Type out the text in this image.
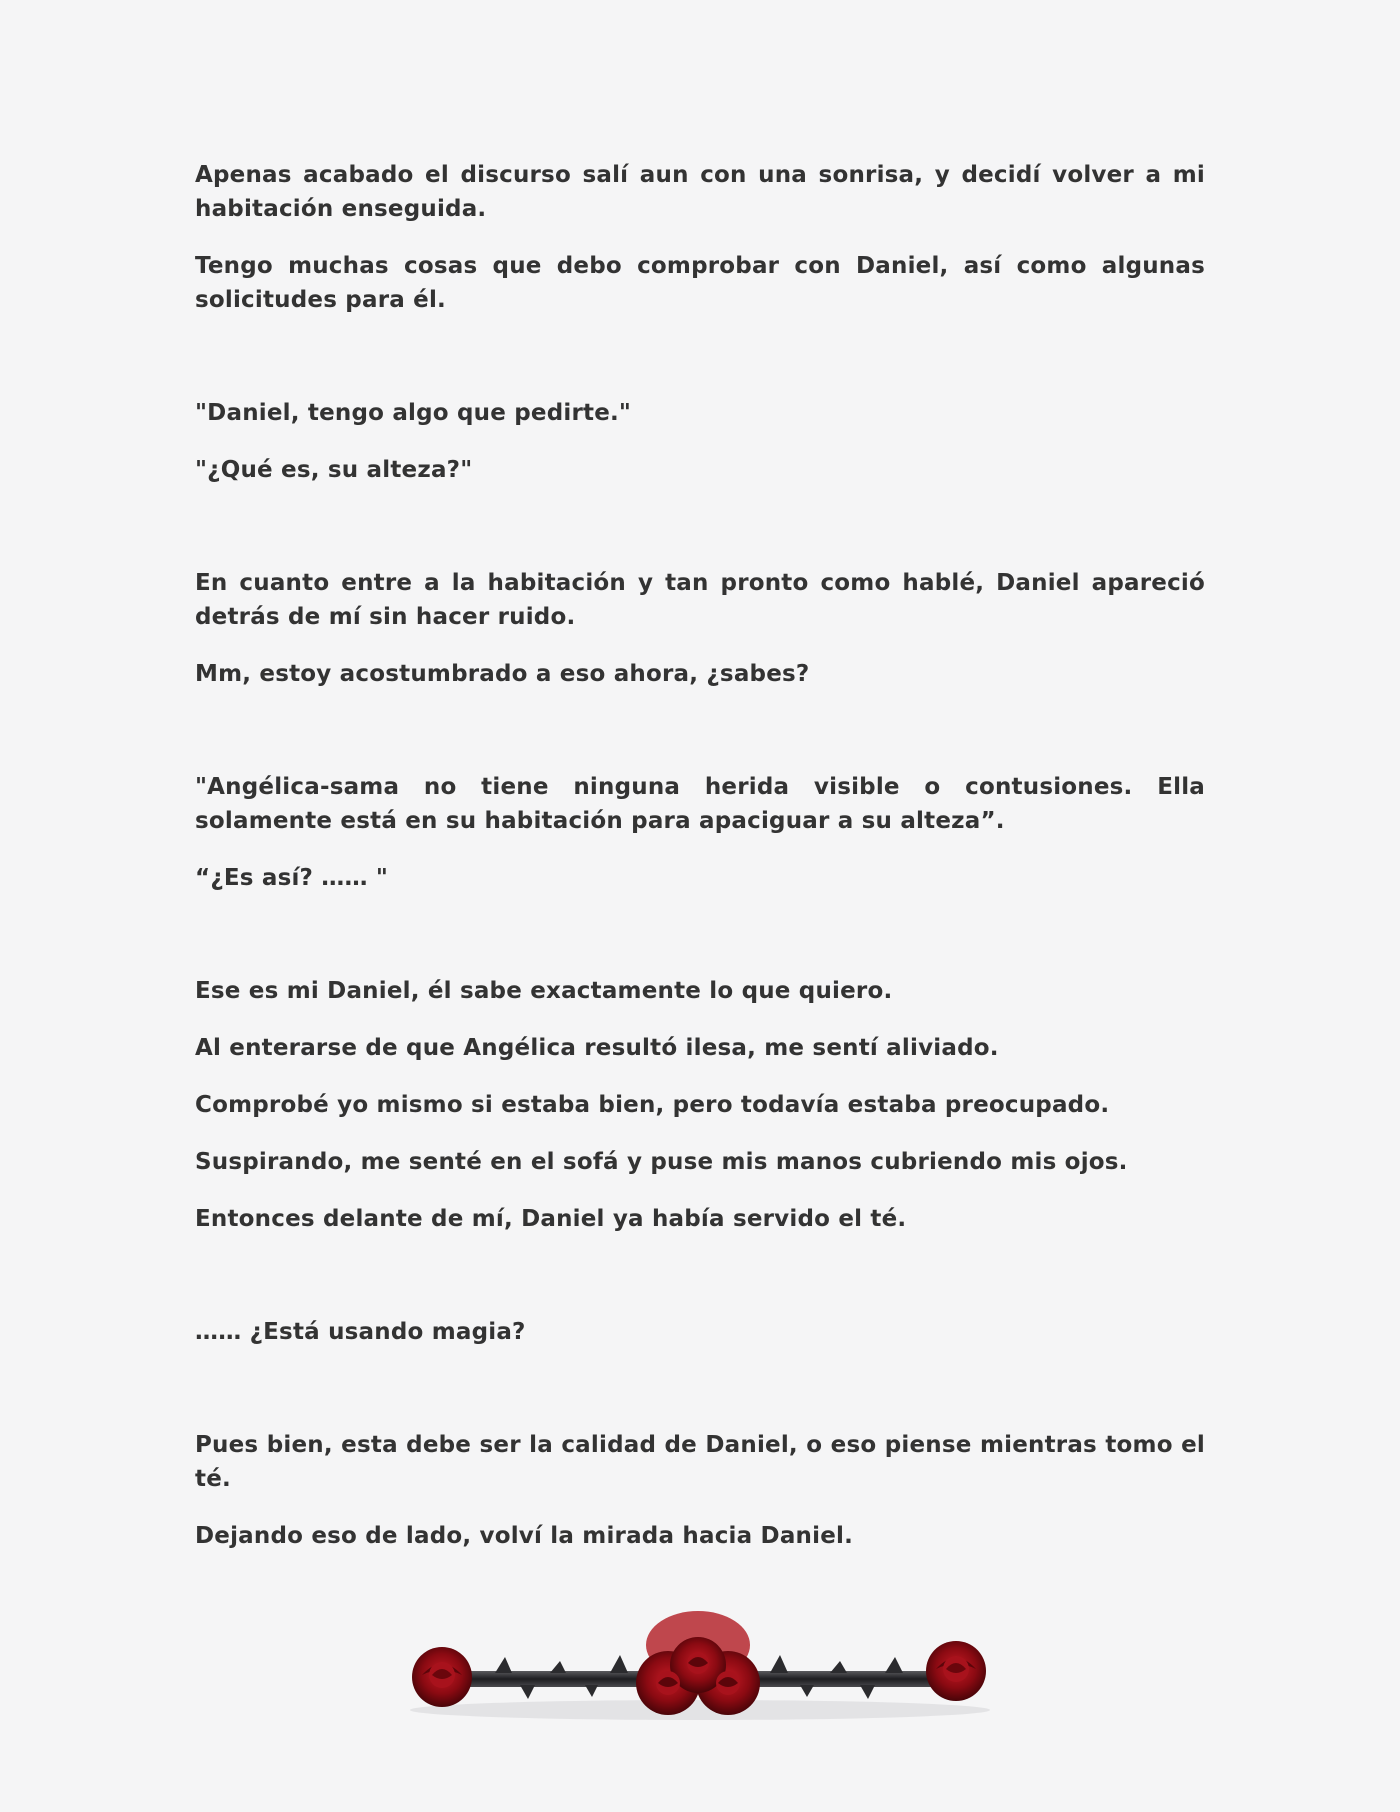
Apenas acabado el discurso salí aun con una sonrisa, y decidí volver a mi habitación enseguida.

Tengo muchas cosas que debo comprobar con Daniel, así como algunas solicitudes para él.

"Daniel, tengo algo que pedirte."

"¿Qué es, su alteza?"

En cuanto entre a la habitación y tan pronto como hablé, Daniel apareció detrás de mí sin hacer ruido.

Mm, estoy acostumbrado a eso ahora, ¿sabes?

"Angélica-sama no tiene ninguna herida visible o contusiones. Ella solamente está en su habitación para apaciguar a su alteza”.

“¿Es así? …… "

Ese es mi Daniel, él sabe exactamente lo que quiero.

Al enterarse de que Angélica resultó ilesa, me sentí aliviado.

Comprobé yo mismo si estaba bien, pero todavía estaba preocupado.

Suspirando, me senté en el sofá y puse mis manos cubriendo mis ojos.

Entonces delante de mí, Daniel ya había servido el té.

…… ¿Está usando magia?

Pues bien, esta debe ser la calidad de Daniel, o eso piense mientras tomo el té.

Dejando eso de lado, volví la mirada hacia Daniel.
